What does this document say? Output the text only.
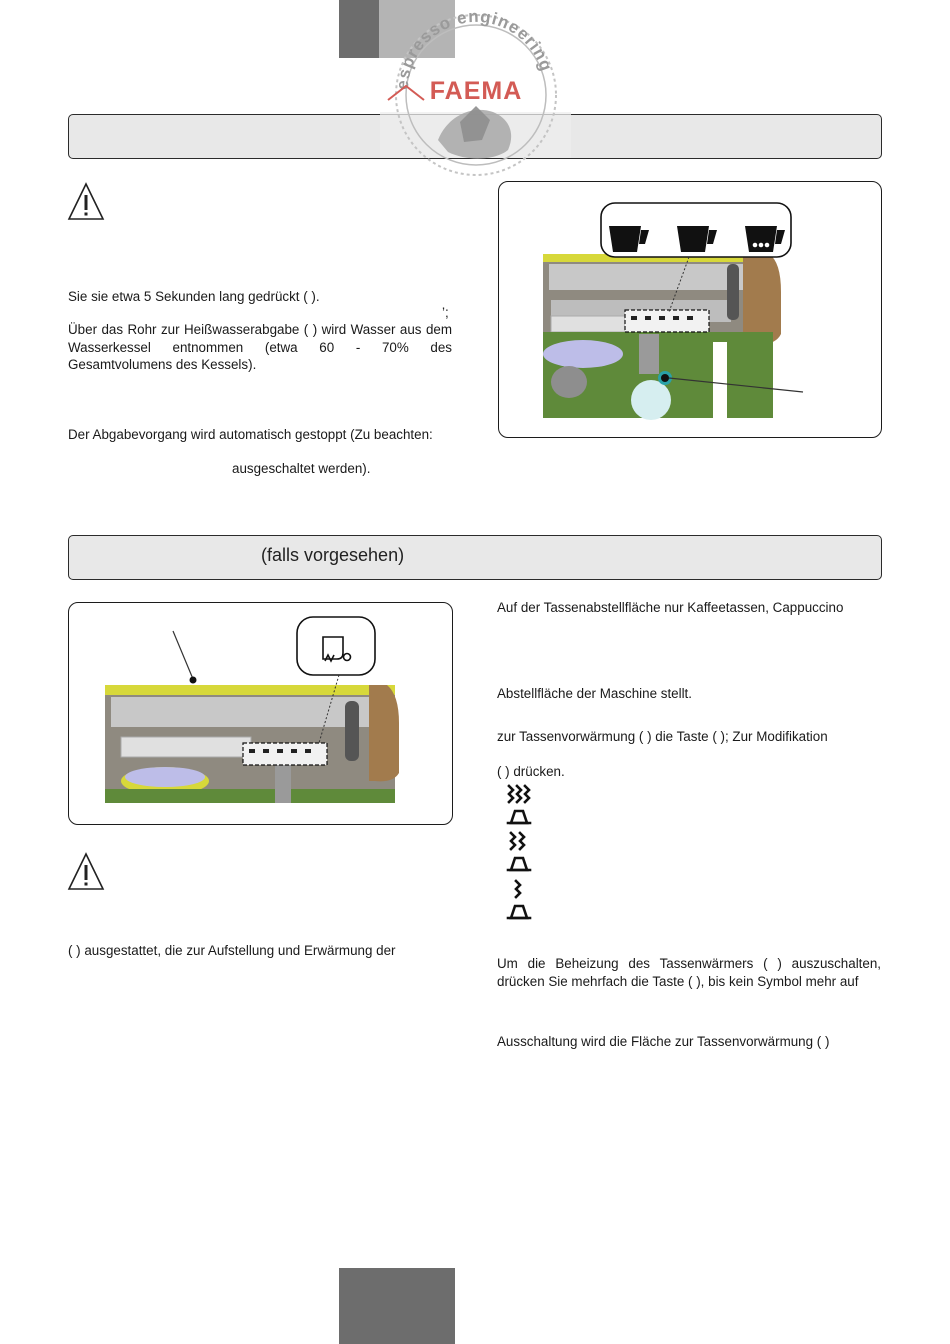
(falls vorgesehen)
espresso engineering
FAEMA

Sie sie etwa 5 Sekunden lang gedrückt ( ).

’;

Über das Rohr zur Heißwasserabgabe ( ) wird Wasser aus dem Wasserkessel entnommen (etwa 60 - 70% des Gesamtvolumens des Kessels).

Der Abgabevorgang wird automatisch gestoppt (Zu beachten:

ausgeschaltet werden).

( ) ausgestattet, die zur Aufstellung und Erwärmung der

Auf der Tassenabstellfläche nur Kaffeetassen, Cappuccino

Abstellfläche der Maschine stellt.

zur Tassenvorwärmung ( ) die Taste ( ); Zur Modifikation

( ) drücken.

Um die Beheizung des Tassenwärmers ( ) auszuschalten, drücken Sie mehrfach die Taste ( ), bis kein Symbol mehr auf

Ausschaltung wird die Fläche zur Tassenvorwärmung ( )
